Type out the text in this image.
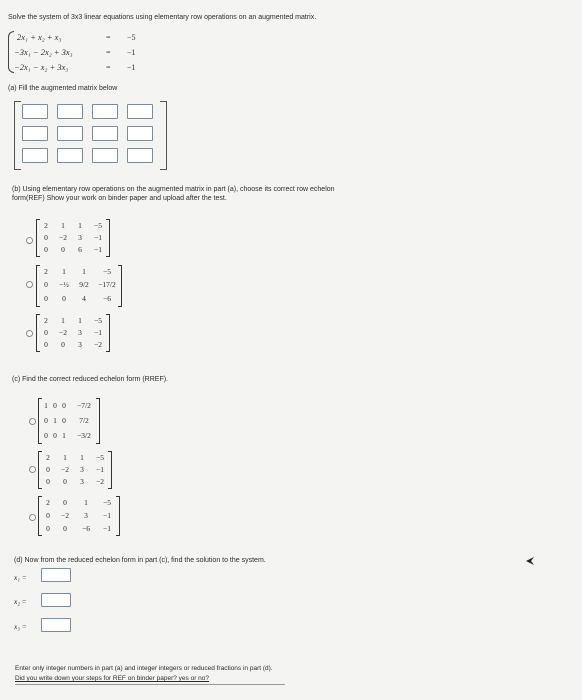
Solve the system of 3x3 linear equations using elementary row operations on an augmented matrix.
2x₁ + x₂ + x₃	= −5
−3x₁ − 2x₂ + 3x₃	= −1
−2x₁ − x₂ + 3x₃	= −1
(a) Fill the augmented matrix below
(b) Using elementary row operations on the augmented matrix in part (a), choose its correct row echelon
form(REF) Show your work on binder paper and upload after the test.
2	1	1	−5
0	−2	3	−1
0	0	6	−1
2	1	1	−5
0	−½	9/2	−17/2
0	0	4	−6
2	1	1	−5
0	−2	3	−1
0	0	3	−2
(c) Find the correct reduced echelon form (RREF).
1 0 0	−7/2
0 1 0	7/2
0 0 1	−3/2
2	1	1	−5
0	−2	3	−1
0	0	3	−2
2	0	1	−5
0	−2	3	−1
0	0	−6	−1
(d) Now from the reduced echelon form in part (c), find the solution to the system.
x₁ =
x₂ =
x₃ =
Enter only integer numbers in part (a) and integer integers or reduced fractions in part (d).
Did you write down your steps for REF on binder paper? yes or no?
